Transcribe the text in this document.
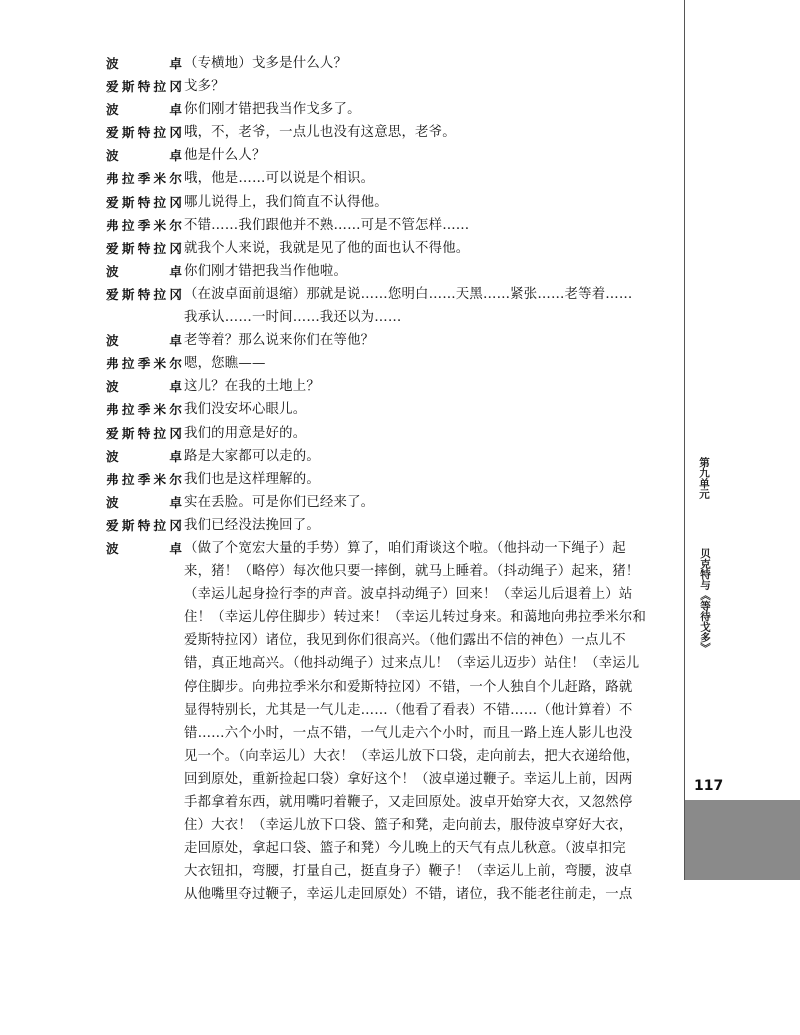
波　　卓 （专横地）戈多是什么人？
爱斯特拉冈 戈多？
波　　卓 你们刚才错把我当作戈多了。
爱斯特拉冈 哦，不，老爷，一点儿也没有这意思，老爷。
波　　卓 他是什么人？
弗拉季米尔 哦，他是……可以说是个相识。
爱斯特拉冈 哪儿说得上，我们简直不认得他。
弗拉季米尔 不错……我们跟他并不熟……可是不管怎样……
爱斯特拉冈 就我个人来说，我就是见了他的面也认不得他。
波　　卓 你们刚才错把我当作他啦。
爱斯特拉冈 （在波卓面前退缩）那就是说……您明白……天黑……紧张……老等着……
我承认……一时间……我还以为……
波　　卓 老等着？那么说来你们在等他？
弗拉季米尔 嗯，您瞧——
波　　卓 这儿？在我的土地上？
弗拉季米尔 我们没安坏心眼儿。
爱斯特拉冈 我们的用意是好的。
波　　卓 路是大家都可以走的。
弗拉季米尔 我们也是这样理解的。
波　　卓 实在丢脸。可是你们已经来了。
爱斯特拉冈 我们已经没法挽回了。
波　　卓 （做了个宽宏大量的手势）算了，咱们甭谈这个啦。（他抖动一下绳子）起
来，猪！（略停）每次他只要一摔倒，就马上睡着。（抖动绳子）起来，猪！
（幸运儿起身捡行李的声音。波卓抖动绳子）回来！（幸运儿后退着上）站
住！（幸运儿停住脚步）转过来！（幸运儿转过身来。和蔼地向弗拉季米尔和
爱斯特拉冈）诸位，我见到你们很高兴。（他们露出不信的神色）一点儿不
错，真正地高兴。（他抖动绳子）过来点儿！（幸运儿迈步）站住！（幸运儿
停住脚步。向弗拉季米尔和爱斯特拉冈）不错，一个人独自个儿赶路，路就
显得特别长，尤其是一气儿走……（他看了看表）不错……（他计算着）不
错……六个小时，一点不错，一气儿走六个小时，而且一路上连人影儿也没
见一个。（向幸运儿）大衣！（幸运儿放下口袋，走向前去，把大衣递给他，
回到原处，重新捡起口袋）拿好这个！（波卓递过鞭子。幸运儿上前，因两
手都拿着东西，就用嘴叼着鞭子，又走回原处。波卓开始穿大衣，又忽然停
住）大衣！（幸运儿放下口袋、篮子和凳，走向前去，服侍波卓穿好大衣，
走回原处，拿起口袋、篮子和凳）今儿晚上的天气有点儿秋意。（波卓扣完
大衣钮扣，弯腰，打量自己，挺直身子）鞭子！（幸运儿上前，弯腰，波卓
从他嘴里夺过鞭子，幸运儿走回原处）不错，诸位，我不能老往前走，一点
第九单元
贝克特与《等待戈多》
117
